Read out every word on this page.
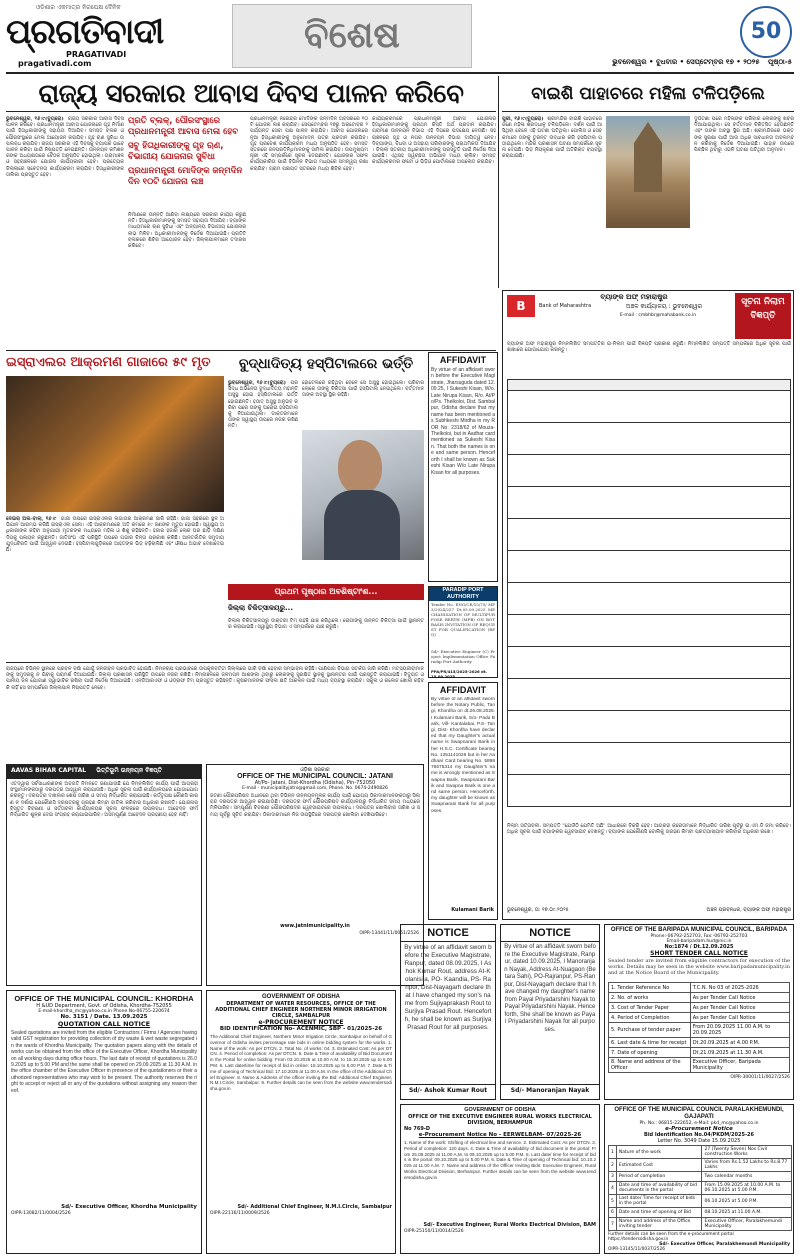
ଓଡ଼ିଶାର ଏକମାତ୍ର ନିରପେକ୍ଷ ଦୈନିକ
ପ୍ରଗତିବାଦୀ
PRAGATIVADI pragativadi.com
ବିଶେଷ	50
ଭୁବନେଶ୍ୱର • ବୁଧବାର • ସେପ୍ଟେମ୍ବର ୧୭ • ୨୦୨୫ ପୃଷ୍ଠା-୫
ରାଜ୍ୟ ସରକାର ଆବାସ ଦିବସ ପାଳନ କରିବେ
ଭୁବନେଶ୍ୱର, ୧୬।୯(ବ୍ୟୁରୋ)  ରାଜ୍ୟ ସରକାର ଆବାସ ଦିବସ ପାଳନ କରିବେ। ପ୍ରଧାନମନ୍ତ୍ରୀ ଆବାସ ଯୋଜନାରେ ଗୃହ ନିର୍ମାଣ ପାଇଁ ହିତାଧିକାରୀଙ୍କୁ ସହାୟତା ଦିଆଯିବ। ସମସ୍ତ ବ୍ଲକ ଓ ପୌରସଂସ୍ଥାରେ ମେଳା ଆୟୋଜନ କରାଯିବ। ଗୃହ ଋଣ ସୁବିଧା ଉପଲବ୍ଧ କରାଯିବ। ରାଜ୍ୟ ସରକାର ଏହି ଦିବସକୁ ବ୍ୟାପକ ଭାବେ ପାଳନ କରିବା ପାଇଁ ନିଷ୍ପତ୍ତି ନେଇଛନ୍ତି। ଉନ୍ନୟନ କମିଶନରଙ୍କ ଅଧ୍ୟକ୍ଷତାରେ ବୈଠକ ଅନୁଷ୍ଠିତ ହୋଇଥିଲା। ଗ୍ରାମାଞ୍ଚଳ ଓ ସହରାଞ୍ଚଳରେ ଯୋଜନା କାର୍ଯ୍ୟକାରୀ ହେବ। ପ୍ରତ୍ୟେକ ଜିଲ୍ଲାରେ ସଚେତନତା କାର୍ଯ୍ୟକ୍ରମ କରାଯିବ। ହିତାଧିକାରୀଙ୍କ ତାଲିକା ପ୍ରସ୍ତୁତ ହେବ।
ପ୍ରତି ବ୍ଲକ୍, ପୌରସଂସ୍ଥାରେ ପ୍ରଧାନମନ୍ତ୍ରୀ ଆବାସ ମେଳା ହେବ
ସବୁ ହିତାଧିକାରୀଙ୍କୁ ଗୃହ ଋଣ, ବିଭାଗୀୟ ଯୋଜନାର ସୁବିଧା
ପ୍ରଧାନମନ୍ତ୍ରୀ ମୋଦିଙ୍କ ଜନ୍ମଦିନ ଦିନ ୧୦ଟି ଯୋଜନା ଲଞ୍ଚ
ନିର୍ମାଣରେ ଉନ୍ନତି ଆଣିବା ଲକ୍ଷ୍ୟରେ ସରକାର କାର୍ଯ୍ୟ କରୁଛନ୍ତି। ହିତାଧିକାରୀମାନଙ୍କୁ ସମସ୍ତ ସହାୟତା ଦିଆଯିବ। ବ୍ୟାଙ୍କ ମାଧ୍ୟମରେ ଋଣ ସୁବିଧା ଏବଂ ଅନ୍ୟାନ୍ୟ ବିଭାଗୀୟ ଯୋଜନାର ଲାଭ ମିଳିବ। ଅଧିକାରୀମାନଙ୍କୁ ନିର୍ଦ୍ଦେଶ ଦିଆଯାଇଛି। ପ୍ରତିଟି ବ୍ଲକରେ ଶିବିର ଆୟୋଜନ ହେବ। ଜିଲ୍ଲାପାଳମାନେ ତଦାରଖ କରିବେ।
ପ୍ରଧାନମନ୍ତ୍ରୀ ନରେନ୍ଦ୍ର ମୋଦିଙ୍କ ଜନ୍ମଦିନ ଅବସରରେ ୧୦ଟି ଯୋଜନା ଲଞ୍ଚ କରାଯିବ। ସେପ୍ଟେମ୍ବର ୧୭ରୁ ଅକ୍ଟୋବର ୨ ପର୍ଯ୍ୟନ୍ତ ସେବା ପକ୍ଷ ପାଳନ କରାଯିବ। ଆବାସ ଯୋଜନାରେ ନୂଆ ହିତାଧିକାରୀଙ୍କୁ ଅନୁମୋଦନ ପତ୍ର ପ୍ରଦାନ କରାଯିବ। ଗୃହ ପ୍ରବେଶ କାର୍ଯ୍ୟକ୍ରମ ମଧ୍ୟ ଅନୁଷ୍ଠିତ ହେବ। ସମସ୍ତ ସ୍ତରରେ ଜନପ୍ରତିନିଧିମାନଙ୍କୁ ସାମିଲ କରାଯିବ। ଉପମୁଖ୍ୟମନ୍ତ୍ରୀ ଏହି ସମ୍ପର୍କରେ ସୂଚନା ଦେଇଛନ୍ତି। ଯୋଜନାର ସଫଳ କାର୍ଯ୍ୟକାରିତା ପାଇଁ ବିଭିନ୍ନ ବିଭାଗ ମଧ୍ୟରେ ସମନ୍ୱୟ ରକ୍ଷା କରାଯିବ। ଗ୍ରାମ ପଞ୍ଚାୟତ ସ୍ତରରେ ମଧ୍ୟ ଶିବିର ହେବ।
କାର୍ଯ୍ୟକ୍ରମରେ ପ୍ରଧାନମନ୍ତ୍ରୀ ଆବାସ ଯୋଜନାର ହିତାଧିକାରୀମାନଙ୍କୁ ପ୍ରଥମ କିସ୍ତି ଅର୍ଥ ପ୍ରଦାନ କରାଯିବ। ଗ୍ରାମୀଣ ଉନ୍ନୟନ ବିଭାଗ ଏହି ଦିଗରେ ପଦକ୍ଷେପ ନେଉଛି। ସହରାଞ୍ଚଳରେ ଗୃହ ଓ ନଗର ଉନ୍ନୟନ ବିଭାଗ ଦାୟିତ୍ୱ ନେବ। ଦିବ୍ୟାଙ୍ଗ, ବିଧବା ଓ ଅସହାୟ ପରିବାରଙ୍କୁ ପ୍ରାଥମିକତା ଦିଆଯିବ। ଜିଲ୍ଲା ସ୍ତରୀୟ ଅଧିକାରୀମାନଙ୍କୁ ପ୍ରସ୍ତୁତି ପାଇଁ ନିର୍ଦ୍ଦେଶ ଦିଆଯାଇଛି। ଏଥିସହ ସ୍ୱଚ୍ଛତା ଅଭିଯାନ ମଧ୍ୟ ଚାଲିବ। ସମସ୍ତ କାର୍ଯ୍ୟକ୍ରମର ଫଟୋ ଓ ଭିଡ଼ିଓ ପୋର୍ଟାଲରେ ଅପଲୋଡ କରାଯିବ।
ବାଇଶି ପାହାଚରେ ମହିଳା ଟଳିପଡ଼ିଲେ
ପୁରୀ, ୧୬।୯(ବ୍ୟୁରୋ)  ଶ୍ରୀମନ୍ଦିର ବାଇଶି ପାହାଚରେ ଜଣେ ମହିଳା ଶ୍ରଦ୍ଧାଳୁ ଟଳିପଡ଼ିଲେ। ଦର୍ଶନ ପାଇଁ ଆସିଥିବା ବେଳେ ଏହି ଘଟଣା ଘଟିଥିଲା। ପୋଲିସ ଓ ସେବକମାନେ ତାଙ୍କୁ ତୁରନ୍ତ ଉଦ୍ଧାର କରି ହସ୍ପିଟାଲ ପଠାଇଥିଲେ। ମନ୍ଦିର ପ୍ରଶାସନ ଘଟଣା ସମ୍ପର୍କରେ ସୂଚନା ଦେଇଛି। ଭିଡ଼ ନିୟନ୍ତ୍ରଣ ପାଇଁ ଅତିରିକ୍ତ ବ୍ୟବସ୍ଥା କରାଯାଇଛି।
ଦୁର୍ଘଟଣା ପରେ ମହିଳାଙ୍କ ପରିବାର ଲୋକଙ୍କୁ ଖବର ଦିଆଯାଇଥିଲା। ସେ ବର୍ତ୍ତମାନ ଚିକିତ୍ସିତ ହେଉଛନ୍ତି ଏବଂ ତାଙ୍କ ଅବସ୍ଥା ସ୍ଥିର ଅଛି। ଶ୍ରୀମନ୍ଦିରରେ ଭକ୍ତଙ୍କ ସୁରକ୍ଷା ପାଇଁ ଆଉ ଅଧିକ ସାବଧାନତା ଅବଲମ୍ବନ କରିବାକୁ ନିର୍ଦ୍ଦେଶ ଦିଆଯାଇଛି। ପାହାଚ ଉପରେ ପିଚ୍ଛିଳ ଥିବାରୁ ଏଭଳି ଘଟଣା ଘଟିଥିବା ଅନୁମାନ।
B
ବ୍ୟାଙ୍କ ଅଫ୍ ମହାରାଷ୍ଟ୍ର
Bank of Maharashtra	ଅଞ୍ଚଳ କାର୍ଯ୍ୟାଳୟ : ଭୁବନେଶ୍ୱର
E-mail : cmbhbr@mahabank.co.in
ସୂଚନା ନିଲାମ ବିଜ୍ଞପ୍ତି
ବ୍ୟାଙ୍କ ଅଫ୍ ମହାରାଷ୍ଟ୍ର ନିମ୍ନଲିଖିତ ସମ୍ପତ୍ତିର ଇ-ନିଲାମ ପାଇଁ ବିଜ୍ଞପ୍ତି ପ୍ରକାଶ କରୁଛି। ନିମ୍ନଲିଖିତ ସମ୍ପତ୍ତି ସମ୍ପର୍କରେ ଅଧିକ ସୂଚନା ପାଇଁ ଶାଖାରେ ଯୋଗାଯୋଗ କରନ୍ତୁ।
ନିଲାମ ସର୍ତ୍ତାବଳୀ: ସମ୍ପତ୍ତି "ଯେଉଁଠି ଯେମିତି ଅଛି" ଆଧାରରେ ବିକ୍ରି ହେବ। ଆଗ୍ରହୀ କ୍ରେତାମାନେ ନିର୍ଦ୍ଧାରିତ ତାରିଖ ପୂର୍ବରୁ ଇ.ଏମ.ଡି ଜମା କରିବେ। ଅଧିକ ସୂଚନା ପାଇଁ ବ୍ୟାଙ୍କର ୱେବସାଇଟ୍ ଦେଖନ୍ତୁ। ବ୍ୟାଙ୍କ ଯେକୌଣସି ବୋଲିକୁ ଗ୍ରହଣ କିମ୍ବା ପ୍ରତ୍ୟାଖ୍ୟାନ କରିବାର ଅଧିକାର ରଖେ।
ଭୁବନେଶ୍ୱର, ତା: ୧୭.୦୯.୨୦୨୫	ଅଞ୍ଚଳ ପ୍ରବନ୍ଧକ, ବ୍ୟାଙ୍କ ଅଫ୍ ମହାରାଷ୍ଟ୍ର
ଇସ୍ରାଏଲର ଆକ୍ରମଣ ଗାଜାରେ ୫୯ ମୃତ
ଦେଇର୍ ଅଲ-ବାଲା, ୧୬।୯  ଗାଜା ଉପରେ ଇସ୍ରାଏଲର ଲଗାତାର ଆକ୍ରମଣ ଜାରି ରହିଛି। ଗାଜା ସହରରେ ସ୍ଥଳ ଅଭିଯାନ ଆରମ୍ଭ କରିଛି ଇସ୍ରାଏଲ ସେନା। ଏହି ଆକ୍ରମଣରେ ଅତି କମରେ ୫୯ ଜଣଙ୍କ ମୃତ୍ୟୁ ହୋଇଛି। ସ୍ୱାସ୍ଥ୍ୟ ଅଧିକାରୀଙ୍କ କହିବା ଅନୁଯାୟୀ ମୃତକଙ୍କ ମଧ୍ୟରେ ମହିଳା ଓ ଶିଶୁ ରହିଛନ୍ତି। ହଜାର ହଜାର ଲୋକ ଘର ଛାଡ଼ି ଦକ୍ଷିଣ ଦିଗକୁ ପଳାୟନ କରୁଛନ୍ତି। ଜାତିସଂଘ ଏହି ପରିସ୍ଥିତି ଉପରେ ଗଭୀର ଚିନ୍ତା ପ୍ରକାଶ କରିଛି। ଆନ୍ତର୍ଜାତିକ ସମୁଦାୟ ଯୁଦ୍ଧବିରତି ପାଇଁ ଆହ୍ୱାନ ଦେଇଛି। ହସ୍ପିଟାଲଗୁଡ଼ିକରେ ଆହତଙ୍କ ଭିଡ଼ ବଢ଼ିଚାଲିଛି ଏବଂ ଔଷଧ ଅଭାବ ଦେଖାଦେଇଛି।
ବୁଦ୍ଧାଦିତ୍ୟ ହସ୍ପିଟାଲରେ ଭର୍ତ୍ତି
ଭୁବନେଶ୍ୱର, ୧୬।୯(ବ୍ୟୁରୋ)  ପ୍ରସିଦ୍ଧ ଅଭିନେତା ବୁଦ୍ଧାଦିତ୍ୟ ମହାନ୍ତି ଅସୁସ୍ଥ ହୋଇ ହସ୍ପିଟାଲରେ ଭର୍ତ୍ତି ହୋଇଛନ୍ତି। ହଠାତ୍ ଅସୁସ୍ଥ ଅନୁଭବ କରିବା ପରେ ତାଙ୍କୁ ଘରୋଇ ହସ୍ପିଟାଲକୁ ନିଆଯାଇଥିଲା। ଡାକ୍ତରମାନେ ତାଙ୍କ ସ୍ୱାସ୍ଥ୍ୟ ଉପରେ ନଜର ରଖିଛନ୍ତି।
ହୋଟେଲରେ ରହିଥିବା ବେଳେ ସେ ଅସୁସ୍ଥ ହୋଇଥିଲେ। ପରିବାର ଲୋକେ ତାଙ୍କୁ ଚିକିତ୍ସା ପାଇଁ ହସ୍ପିଟାଲ ନେଇଥିଲେ। ବର୍ତ୍ତମାନ ତାଙ୍କ ଅବସ୍ଥା ସ୍ଥିର ରହିଛି।
ପ୍ରଥମ ପୃଷ୍ଠାର ଅବଶିଷ୍ଟାଂଶ...
ଜିଲ୍ଲା ଚିକିତ୍ସାଳୟରୁ...
ଜିଲ୍ଲା ଚିକିତ୍ସାଳୟରୁ ଡାକ୍ତରୀ ଟିମ୍ ପହଞ୍ଚି ଯାଞ୍ଚ କରିଥିଲେ। ରୋଗୀଙ୍କୁ ଉନ୍ନତ ଚିକିତ୍ସା ପାଇଁ ସ୍ଥାନାନ୍ତର କରାଯାଇଛି। ସ୍ୱାସ୍ଥ୍ୟ ବିଭାଗ ଏ ସମ୍ପର୍କରେ ଯାଞ୍ଚ କରୁଛି।
AFFIDAVIT
By virtue of an affidavit sworn before the Executive Magistrate, Jharsuguda dated 12.09.25, I Sukeshi Kisan, W/o. Late Nirupa Kisan, R/o. At/Po/Ps. Thelkoloi, Dist. Sambalpur, Odisha declare that my name has been mentioned as Subhkeshi Mirdha in my ROR No. 2318/62 of Mouza- Thelkoloi, but in Aadhar card mentioned as Sukeshi Kisan. That both the names is one and same person. Henceforth I shall be known as Sukeshi Kisan W/o Late Nirupa Kisan for all purposes.
PARADIP PORT AUTHORITY
Tender No. ENG/CE/15/75/ MP3/2024/257 Dt.05.09.2025 MECHANISATION OF MULTIPURPOSE BERTH (MPB) ON BOT BASIS INVITATION OF REQUEST FOR QUALIFICATION (RFQ)
Sd/- Executive Engineer (C) Project Implementation Office Paradip Port Authority
PPA/PR/415/2025-2026 dt. 15.09.2025
AFFIDAVIT
By virtue of an affidavit sworn before the Notary Public, Tangi, Khordha on dt.26.08.2025. I Kulamani Barik, S/o- Padu Barik, Vill- Kantalabai, P.S- Tangi, Dist- Khordha have declared that my Daughter's actual name is Swapnarani Barik in her H.S.C. Certificate bearing No. 1251141026 but in her Aadhaar Card bearing No. 589876675314 my Daughter's name is wrongly mentioned as Swapna Barik. Swapnarani Barik and Swapna Barik is one and same person. Henceforth, my daughter will be known as Swapnarani Barik for all purposes.
Kulamani Barik
ରାଜ୍ୟରେ ବିଭିନ୍ନ ସ୍ଥାନରେ ପ୍ରବଳ ବର୍ଷା ଯୋଗୁଁ ଜନଜୀବନ ପ୍ରଭାବିତ ହୋଇଛି। ନିମ୍ନଚାପ ପ୍ରଭାବରେ ଉପକୂଳବର୍ତ୍ତୀ ଜିଲ୍ଲାରେ ଭାରି ବର୍ଷା ହେବାର ସମ୍ଭାବନା ରହିଛି। ପାଣିପାଗ ବିଭାଗ ସତର୍କତା ଜାରି କରିଛି। ମତ୍ସ୍ୟଜୀବୀମାନଙ୍କୁ ସମୁଦ୍ରକୁ ନ ଯିବାକୁ ପରାମର୍ଶ ଦିଆଯାଇଛି। ଜିଲ୍ଲା ପ୍ରଶାସନ ପରିସ୍ଥିତି ଉପରେ ନଜର ରଖିଛି। ନିମ୍ନାଞ୍ଚଳରେ ଜଳମଗ୍ନ ଆଶଙ୍କା ଥିବାରୁ ଲୋକଙ୍କୁ ସୁରକ୍ଷିତ ସ୍ଥାନକୁ ସ୍ଥାନାନ୍ତର ପାଇଁ ପ୍ରସ୍ତୁତି କରାଯାଇଛି। ବିଦ୍ୟୁତ ଓ ପାନୀୟ ଜଳ ଯୋଗାଣ ସ୍ୱାଭାବିକ ରଖିବା ପାଇଁ ନିର୍ଦ୍ଦେଶ ଦିଆଯାଇଛି। ଏନଡିଆରଏଫ ଓ ଓଡ୍ରାଫ ଟିମ୍ ପ୍ରସ୍ତୁତ ରହିଛନ୍ତି। କୃଷକମାନଙ୍କ ଫସଲ କ୍ଷତି ଆକଳନ ପାଇଁ ମଧ୍ୟ ବ୍ୟବସ୍ଥା କରାଯିବ। ସ୍କୁଲ ଓ କଲେଜ ଖୋଲା ରହିବ କି ନାହିଁ ସେ ସମ୍ପର୍କରେ ଜିଲ୍ଲାପାଳ ନିଷ୍ପତ୍ତି ନେବେ।
AAVAS BIHAR CAPITAL ଭିତ୍ତିଭୂମି ଉନ୍ନୟନ ବିଜ୍ଞପ୍ତି
ଏତଦ୍ୱାରା ସର୍ବସାଧାରଣଙ୍କ ଅବଗତି ନିମନ୍ତେ ଜଣାଯାଉଛି ଯେ ନିମ୍ନଲିଖିତ କାର୍ଯ୍ୟ ପାଇଁ ଆଗ୍ରହୀ ସଂସ୍ଥାମାନଙ୍କଠାରୁ ଦରପତ୍ର ଆହ୍ୱାନ କରାଯାଉଛି। ଅଧିକ ସୂଚନା ପାଇଁ କାର୍ଯ୍ୟାଳୟରେ ଯୋଗାଯୋଗ କରନ୍ତୁ। ଦରପତ୍ର ଦାଖଲର ଶେଷ ତାରିଖ ଓ ସମୟ ନିର୍ଦ୍ଧାରିତ କରାଯାଇଛି। କର୍ତ୍ତୃପକ୍ଷ କୌଣସି କାରଣ ନ ଦର୍ଶାଇ ଯେକୌଣସି ଦରପତ୍ରକୁ ଗ୍ରହଣ କିମ୍ବା ବାତିଲ କରିବାର ଅଧିକାର ରଖନ୍ତି। ଯୋଜନାର ବିସ୍ତୃତ ବିବରଣୀ ଓ ସର୍ତ୍ତାବଳୀ କାର୍ଯ୍ୟାଳୟର ସୂଚନା ଫଳକରେ ଉପଲବ୍ଧ। ଆବେଦନ ଫର୍ମ ନିର୍ଦ୍ଧାରିତ ଶୁଳ୍କ ଦେଇ ସଂଗ୍ରହ କରାଯାଇପାରିବ। ଅସମ୍ପୂର୍ଣ୍ଣ ଆବେଦନ ଗ୍ରହଣୀୟ ହେବ ନାହିଁ।
ଓଡ଼ିଶା ସରକାର
OFFICE OF THE MUNICIPAL COUNCIL: JATANI
At/Po- Jatani, Dist-Khordha (Odisha), Pin-752050
E-mail - municipalityjatni@gmail.com, Phone. No. 0674-2490826
ଜଟଣୀ ପୌରପରିଷଦ ଅଧୀନରେ ଥିବା ବିଭିନ୍ନ ଉନ୍ନୟନମୂଳକ କାର୍ଯ୍ୟ ପାଇଁ ଯୋଗ୍ୟ ଠିକାଦାରମାନଙ୍କଠାରୁ ସିଲ୍ ବନ୍ଦ ଦରପତ୍ର ଆହ୍ୱାନ କରାଯାଉଛି। ଦରପତ୍ର ଫର୍ମ ପୌରପରିଷଦ କାର୍ଯ୍ୟାଳୟରୁ ନିର୍ଦ୍ଧାରିତ ସମୟ ମଧ୍ୟରେ ମିଳିପାରିବ। ସମ୍ପୂର୍ଣ୍ଣ ବିବରଣୀ ପୌରପରିଷଦର ୱେବସାଇଟରେ ଉପଲବ୍ଧ। ଦରପତ୍ର ଖୋଲିବାର ତାରିଖ ଓ ସମୟ ପୂର୍ବରୁ ସୂଚିତ କରାଯିବ। ଠିକାଦାରମାନେ ନିଜ ଉପସ୍ଥିତିରେ ଦରପତ୍ର ଖୋଲିବା ଦେଖିପାରିବେ।
www.jatnimunicipality.in
OIPR-13441/11/0051/2526 NOTICE
By virtue of an affidavit sworn before the Executive Magistrate, Ranpur, dated 08.09.2025, I Ashok Kumar Rout, address At-Kolanisila, PO- Kaandia, PS- Ranpur, Dist-Nayagarh declare that I have changed my son's name from Sujiyaprakash Rout to Surjiya Prasad Rout. Henceforth, he shall be known as Surjiya Prasad Rout for all purposes.
Sd/- Ashok Kumar Rout
NOTICE
By virtue of an affidavit sworn before the Executive Magistrate, Ranpur, dated 10.09.2025, I Manoranjan Nayak, Address At-Nuagaon (Betara Sahi), PO-Rajranpur, PS-Ranpur, Dist-Nayagarh declare that I have changed my daughter's name from Payal Priyadarshini Nayak to Payal Priyadarshini Nayak. Henceforth, She shall be known as Payal Priyadarshini Nayak for all purposes.
Sd/- Manoranjan Nayak
OFFICE OF THE BARIPADA MUNICIPAL COUNCIL, BARIPADA
Phone:-06792-252703, Fax:-06792-252703
Email-baripadam.hud@nic.in
No:1874 / Dt.12.09.2025
SHORT TENDER CALL NOTICE
Sealed tender are invited from eligible contractors for execution of the works. Details may be seen in the website www.baripadamunicipality.in and at the Notice Board of the Municipality.
1. Tender Reference No	T.C.N. No 03 of 2025-2026
2. No. of works	As per Tender Call Notice
3. Cost of Tender Paper	As per Tender Call Notice
4. Period of Completion	As per Tender Call Notice
5. Purchase of tender paper	From 20.09.2025 11.00 A.M. to 20.09.2025
6. Last date & time for receipt	Dt.20.09.2025 at 4.00 P.M.
7. Date of opening	Dt.21.09.2025 at 11.30 A.M.
8. Name and address of the Officer	Executive Officer, Baripada Municipality
OIPR-30001/11/0027/2526
OFFICE OF THE MUNICIPAL COUNCIL: KHORDHA
H &UD Department, Govt. of Odisha, Khordha-752055
E-mail-khordha_mc@yahoo.co.in Phone No-06755-220674
No. 3151 / Date. 13.09.2025
QUOTATION CALL NOTICE
Sealed quotations are invited from the eligible Contractors / Firms / Agencies having valid GST registration for providing collection of dry waste & wet waste segregated in the wards of Khordha Municipality. The quotation papers along with the details of works can be obtained from the office of the Executive Officer, Khordha Municipality on all working days during office hours. The last date of receipt of quotations is 26.09.2025 up to 5.00 PM and the same shall be opened on 29.09.2025 at 11.30 A.M. in the office chamber of the Executive Officer in presence of the quotationers or their authorized representatives who may wish to be present. The authority reserves the right to accept or reject all or any of the quotations without assigning any reason thereof.
Sd/- Executive Officer, Khordha Municipality
OIPR-13082/11/0004/2526
GOVERNMENT OF ODISHA
DEPARTMENT OF WATER RESOURCES, OFFICE OF THE ADDITIONAL CHIEF ENGINEER NORTHERN MINOR IRRIGATION CIRCLE, SAMBALPUR
e-PROCUREMENT NOTICE
BID IDENTIFICATION No- ACENMIC, SBP - 01/2025-26
The Additional Chief Engineer, Northern Minor Irrigation Circle, Sambalpur on behalf of Governor of Odisha invites percentage rate bids in online bidding system for the works. 1. Name of the work: As per DTCN. 2. Total No. of works: 04. 3. Estimated Cost: As per DTCN. 4. Period of completion: As per DTCN. 5. Date & Time of availability of Bid Document in the Portal for online bidding: From 03.10.2025 at 10.00 A.M. to 15.10.2025 up to 5.00 PM. 6. Last date/time for receipt of bid in online: 15.10.2025 up to 5.00 P.M. 7. Date & Time of opening of Technical Bid: 17.10.2025 at 11.00 A.M. in the office of the Additional Chief Engineer. 8. Name & Address of the officer inviting the Bid: Additional Chief Engineer, N.M.I.Circle, Sambalpur. 9. Further details can be seen from the website www.tendersodisha.gov.in
Sd/- Additional Chief Engineer, N.M.I.Circle, Sambalpur
OIPR-22116/11/0009/2526
GOVERNMENT OF ODISHA
OFFICE OF THE EXECUTIVE ENGINEER RURAL WORKS ELECTRICAL DIVISION, BERHAMPUR
No 769-D
e-Procurement Notice No - EERWELBAM- 07/2025-26
1. Name of the work: Shifting of electrical line and service. 2. Estimated Cost: As per DTCN. 3. Period of completion: 120 days. 4. Date & Time of availability of bid document in the portal: From 25.09.2025 at 11.00 A.M. to 09.10.2025 up to 5.00 P.M. 5. Last date/ time for receipt of bids in the portal: 09.10.2025 up to 5.00 P.M. 6. Date & Time of opening of Technical bid: 10.10.2025 at 11.00 A.M. 7. Name and address of the Officer Inviting Bids: Executive Engineer, Rural Works Electrical Division, Berhampur. Further details can be seen from the website www.tendersodisha.gov.in
Sd/- Executive Engineer, Rural Works Electrical Division, BAM
OIPR-25150/11/0014/2526
OFFICE OF THE MUNICIPAL COUNCIL PARALAKHEMUNDI, GAJAPATI
Ph. No.: 06815-222652, e-Mail: pkd_mc@yahoo.co.in
e-Procurement Notice
Bid Identification No.04/PKDM/2025-26
Letter No. 3049 Date 15.09.2025
1	Nature of the work	27 (Twenty Seven) Nos Civil construction Works
2	Estimated Cost	Varies from Rs.1.52 Lakhs to Rs.8.77 Lakhs
3	Period of completion	Two calendar months
4	Date and time of availability of bid documents in the portal	From 15.09.2025 at 10.00 A.M. to 06.10.2025 at 5.00 P.M.
5	Last date/ Time for receipt of bids in the portal	06.10.2025 at 5.00 P.M.
6	Date and time of opening of Bid	08.10.2025 at 11.00 A.M.
7	Name and address of the Office inviting tender	Executive Officer, Paralakhemundi Municipality
Further details can be seen from the e-procurement portal https://tendersodisha.gov.in
Sd/- Executive Officer, Paralakhemundi Municipality
OIPR-13145/11/0037/2526
